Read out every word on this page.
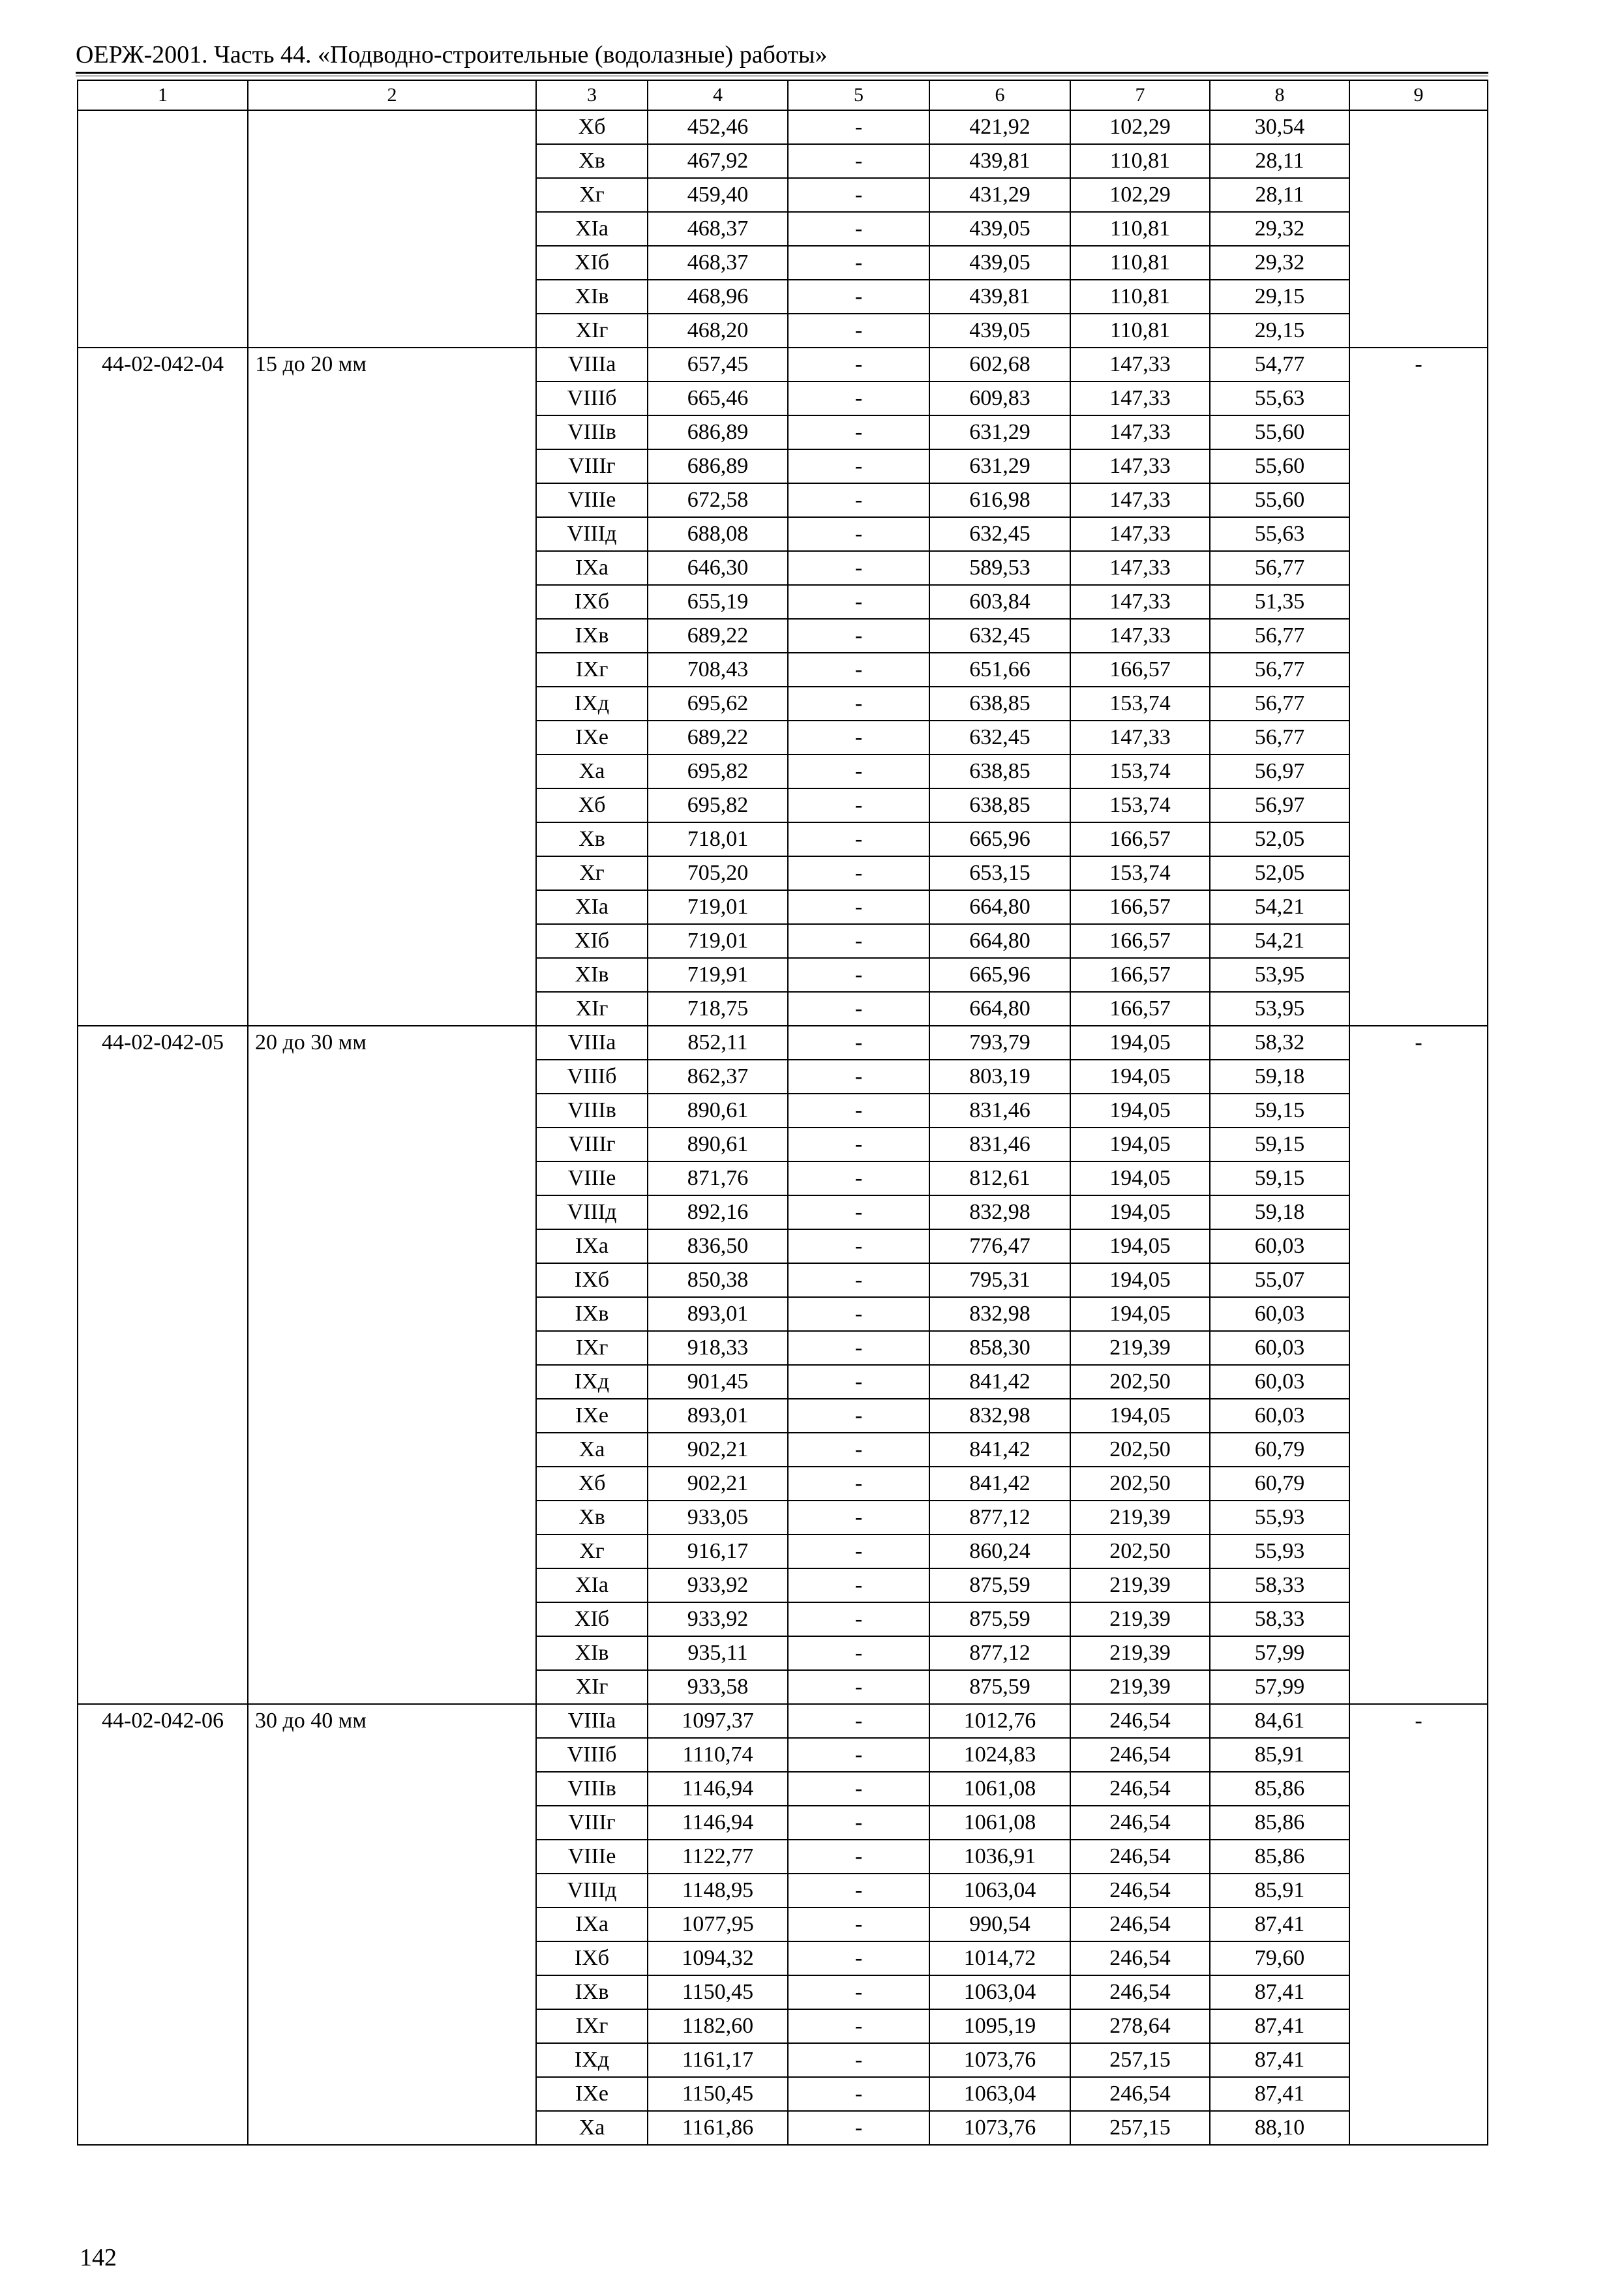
ОЕРЖ-2001. Часть 44. «Подводно-строительные (водолазные) работы»
1	2	3	4	5	6	7	8	9
		Xб	452,46	-	421,92	102,29	30,54	
		Xв	467,92	-	439,81	110,81	28,11	
		Xг	459,40	-	431,29	102,29	28,11	
		XIа	468,37	-	439,05	110,81	29,32	
		XIб	468,37	-	439,05	110,81	29,32	
		XIв	468,96	-	439,81	110,81	29,15	
		XIг	468,20	-	439,05	110,81	29,15	
44-02-042-04	15 до 20 мм	VIIIа	657,45	-	602,68	147,33	54,77	-
		VIIIб	665,46	-	609,83	147,33	55,63	
		VIIIв	686,89	-	631,29	147,33	55,60	
		VIIIг	686,89	-	631,29	147,33	55,60	
		VIIIе	672,58	-	616,98	147,33	55,60	
		VIIIд	688,08	-	632,45	147,33	55,63	
		IXа	646,30	-	589,53	147,33	56,77	
		IXб	655,19	-	603,84	147,33	51,35	
		IXв	689,22	-	632,45	147,33	56,77	
		IXг	708,43	-	651,66	166,57	56,77	
		IXд	695,62	-	638,85	153,74	56,77	
		IXе	689,22	-	632,45	147,33	56,77	
		Xа	695,82	-	638,85	153,74	56,97	
		Xб	695,82	-	638,85	153,74	56,97	
		Xв	718,01	-	665,96	166,57	52,05	
		Xг	705,20	-	653,15	153,74	52,05	
		XIа	719,01	-	664,80	166,57	54,21	
		XIб	719,01	-	664,80	166,57	54,21	
		XIв	719,91	-	665,96	166,57	53,95	
		XIг	718,75	-	664,80	166,57	53,95	
44-02-042-05	20 до 30 мм	VIIIа	852,11	-	793,79	194,05	58,32	-
		VIIIб	862,37	-	803,19	194,05	59,18	
		VIIIв	890,61	-	831,46	194,05	59,15	
		VIIIг	890,61	-	831,46	194,05	59,15	
		VIIIе	871,76	-	812,61	194,05	59,15	
		VIIIд	892,16	-	832,98	194,05	59,18	
		IXа	836,50	-	776,47	194,05	60,03	
		IXб	850,38	-	795,31	194,05	55,07	
		IXв	893,01	-	832,98	194,05	60,03	
		IXг	918,33	-	858,30	219,39	60,03	
		IXд	901,45	-	841,42	202,50	60,03	
		IXе	893,01	-	832,98	194,05	60,03	
		Xа	902,21	-	841,42	202,50	60,79	
		Xб	902,21	-	841,42	202,50	60,79	
		Xв	933,05	-	877,12	219,39	55,93	
		Xг	916,17	-	860,24	202,50	55,93	
		XIа	933,92	-	875,59	219,39	58,33	
		XIб	933,92	-	875,59	219,39	58,33	
		XIв	935,11	-	877,12	219,39	57,99	
		XIг	933,58	-	875,59	219,39	57,99	
44-02-042-06	30 до 40 мм	VIIIа	1097,37	-	1012,76	246,54	84,61	-
		VIIIб	1110,74	-	1024,83	246,54	85,91	
		VIIIв	1146,94	-	1061,08	246,54	85,86	
		VIIIг	1146,94	-	1061,08	246,54	85,86	
		VIIIе	1122,77	-	1036,91	246,54	85,86	
		VIIIд	1148,95	-	1063,04	246,54	85,91	
		IXа	1077,95	-	990,54	246,54	87,41	
		IXб	1094,32	-	1014,72	246,54	79,60	
		IXв	1150,45	-	1063,04	246,54	87,41	
		IXг	1182,60	-	1095,19	278,64	87,41	
		IXд	1161,17	-	1073,76	257,15	87,41	
		IXе	1150,45	-	1063,04	246,54	87,41	
		Xа	1161,86	-	1073,76	257,15	88,10	
142
